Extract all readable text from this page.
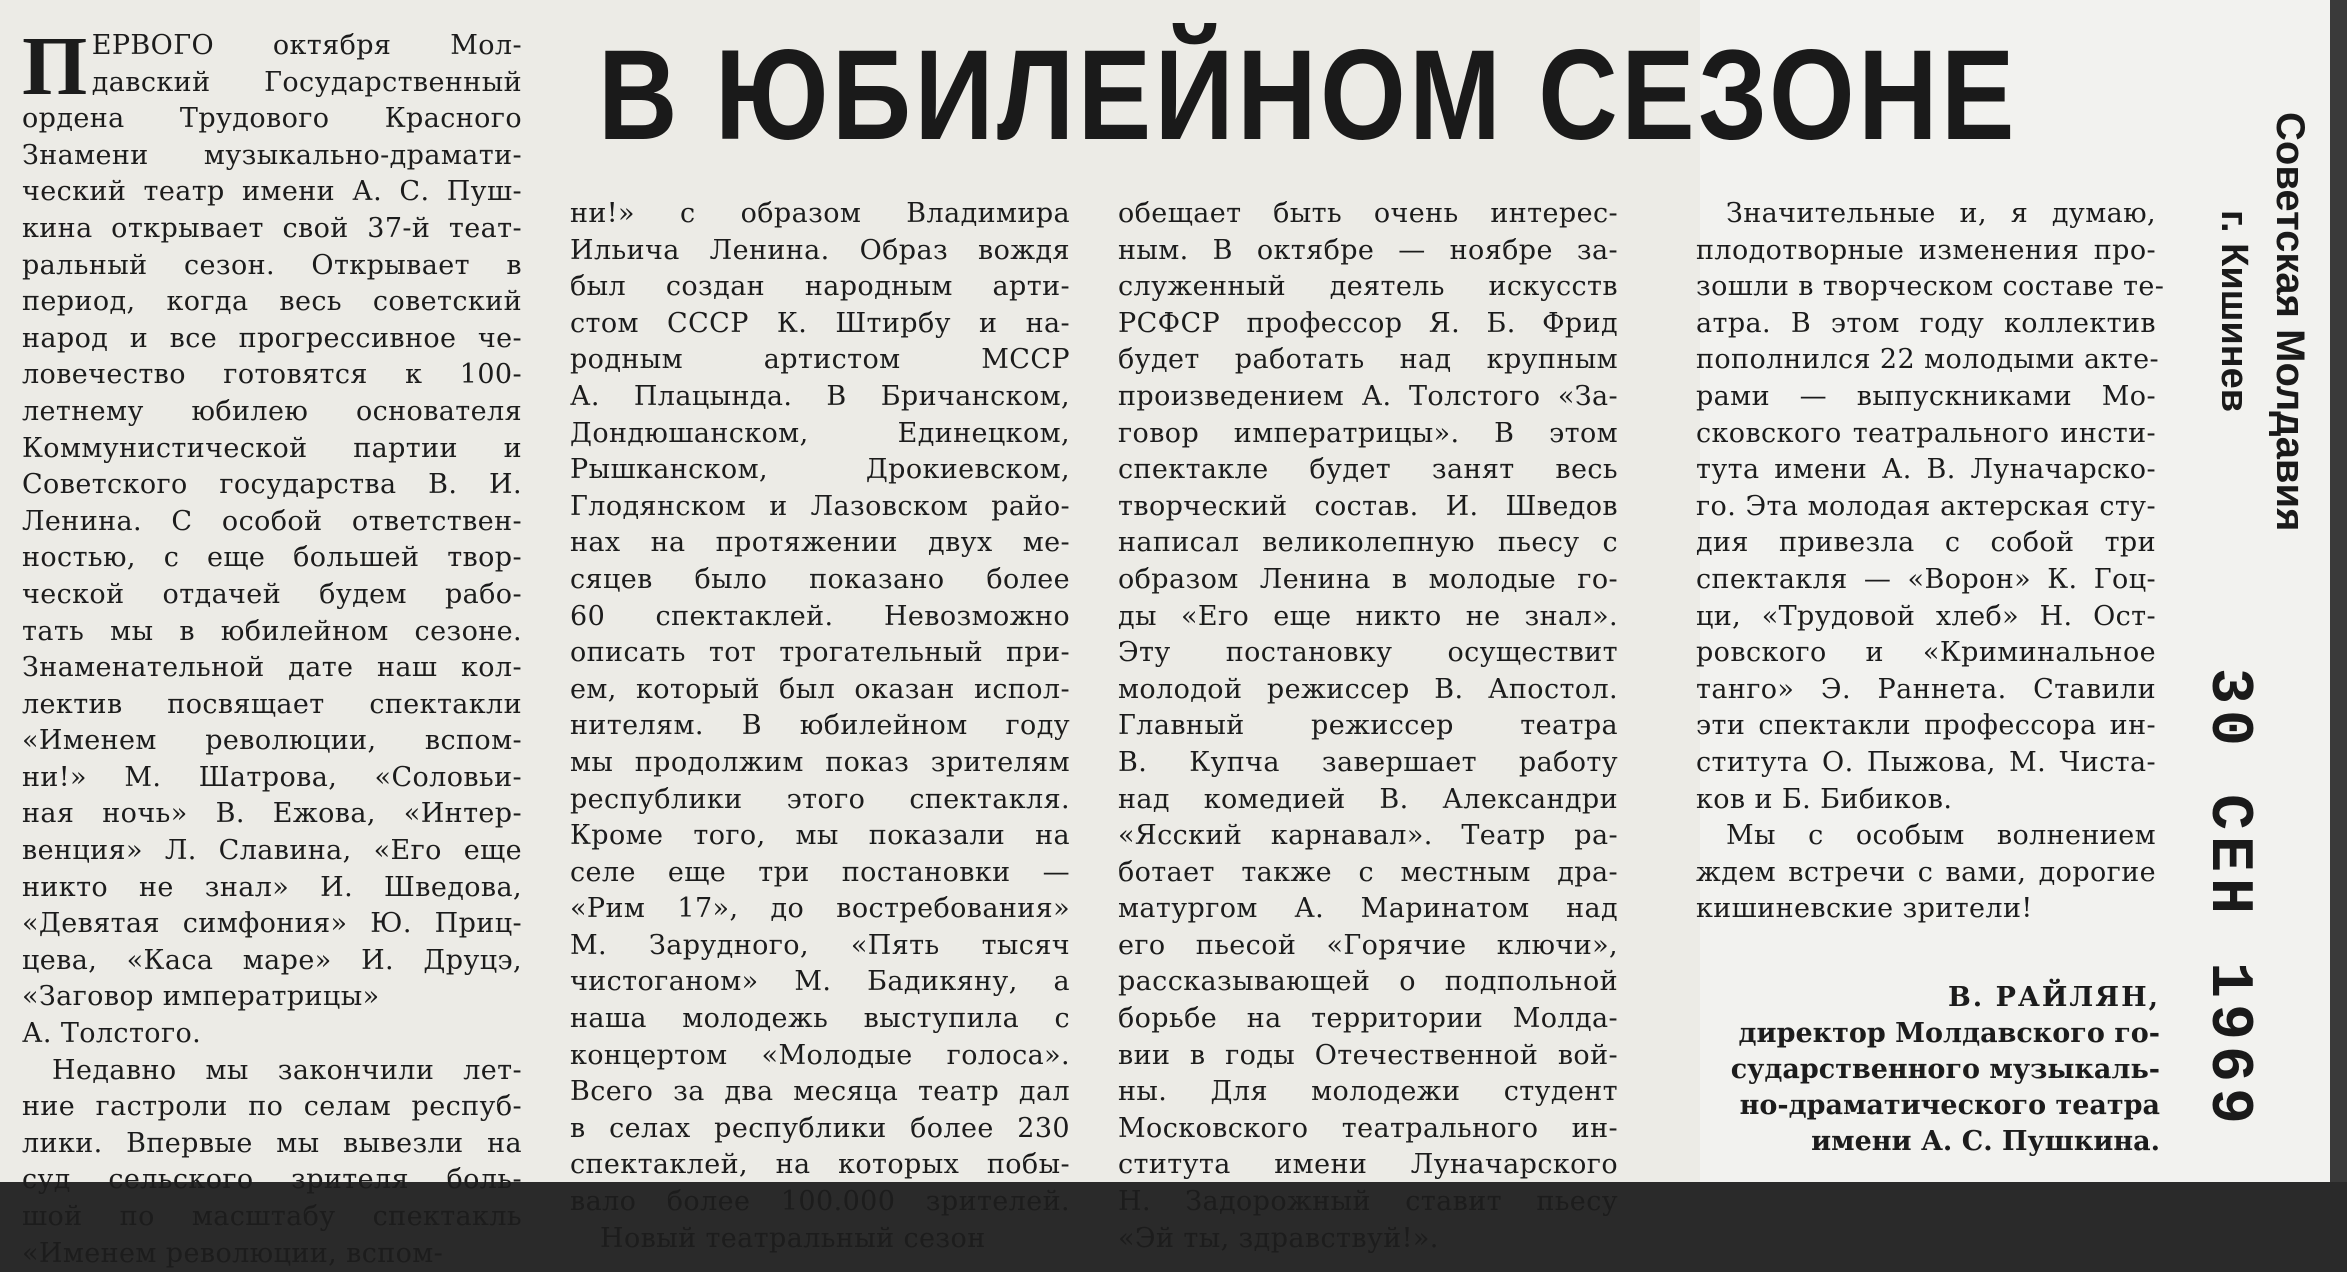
В ЮБИЛЕЙНОМ СЕЗОНЕ
П ЕРВОГО октября Мол-

давский Государственный

ордена Трудового Красного

Знамени музыкально-драмати-

ческий театр имени А. С. Пуш-

кина открывает свой 37-й теат-

ральный сезон. Открывает в

период, когда весь советский

народ и все прогрессивное че-

ловечество готовятся к 100-

летнему юбилею основателя

Коммунистической партии и

Советского государства В. И.

Ленина. С особой ответствен-

ностью, с еще большей твор-

ческой отдачей будем рабо-

тать мы в юбилейном сезоне.

Знаменательной дате наш кол-

лектив посвящает спектакли

«Именем революции, вспом-

ни!» М. Шатрова, «Соловьи-

ная ночь» В. Ежова, «Интер-

венция» Л. Славина, «Его еще

никто не знал» И. Шведова,

«Девятая симфония» Ю. Приц-

цева, «Каса маре» И. Друцэ,

«Заговор императрицы»

А. Толстого.

Недавно мы закончили лет-

ние гастроли по селам респуб-

лики. Впервые мы вывезли на

суд сельского зрителя боль-

шой по масштабу спектакль

«Именем революции, вспом-

ни!» с образом Владимира

Ильича Ленина. Образ вождя

был создан народным арти-

стом СССР К. Штирбу и на-

родным артистом МССР

А. Плацында. В Бричанском,

Дондюшанском, Единецком,

Рышканском, Дрокиевском,

Глодянском и Лазовском райо-

нах на протяжении двух ме-

сяцев было показано более

60 спектаклей. Невозможно

описать тот трогательный при-

ем, который был оказан испол-

нителям. В юбилейном году

мы продолжим показ зрителям

республики этого спектакля.

Кроме того, мы показали на

селе еще три постановки —

«Рим 17», до востребования»

М. Зарудного, «Пять тысяч

чистоганом» М. Бадикяну, а

наша молодежь выступила с

концертом «Молодые голоса».

Всего за два месяца театр дал

в селах республики более 230

спектаклей, на которых побы-

вало более 100.000 зрителей.

Новый театральный сезон

обещает быть очень интерес-

ным. В октябре — ноябре за-

служенный деятель искусств

РСФСР профессор Я. Б. Фрид

будет работать над крупным

произведением А. Толстого «За-

говор императрицы». В этом

спектакле будет занят весь

творческий состав. И. Шведов

написал великолепную пьесу с

образом Ленина в молодые го-

ды «Его еще никто не знал».

Эту постановку осуществит

молодой режиссер В. Апостол.

Главный режиссер театра

В. Купча завершает работу

над комедией В. Александри

«Ясский карнавал». Театр ра-

ботает также с местным дра-

матургом А. Маринатом над

его пьесой «Горячие ключи»,

рассказывающей о подпольной

борьбе на территории Молда-

вии в годы Отечественной вой-

ны. Для молодежи студент

Московского театрального ин-

ститута имени Луначарского

Н. Задорожный ставит пьесу

«Эй ты, здравствуй!».

Значительные и, я думаю,

плодотворные изменения про-

зошли в творческом составе те-

атра. В этом году коллектив

пополнился 22 молодыми акте-

рами — выпускниками Мо-

сковского театрального инсти-

тута имени А. В. Луначарско-

го. Эта молодая актерская сту-

дия привезла с собой три

спектакля — «Ворон» К. Гоц-

ци, «Трудовой хлеб» Н. Ост-

ровского и «Криминальное

танго» Э. Раннета. Ставили

эти спектакли профессора ин-

ститута О. Пыжова, М. Чиста-

ков и Б. Бибиков.

Мы с особым волнением

ждем встречи с вами, дорогие

кишиневские зрители!

В. РАЙЛЯН,
директор Молдавского го-
сударственного музыкаль-
но-драматического театра
имени А. С. Пушкина.
Советская Молдавия
г. Кишинев
30 СЕН 1969
